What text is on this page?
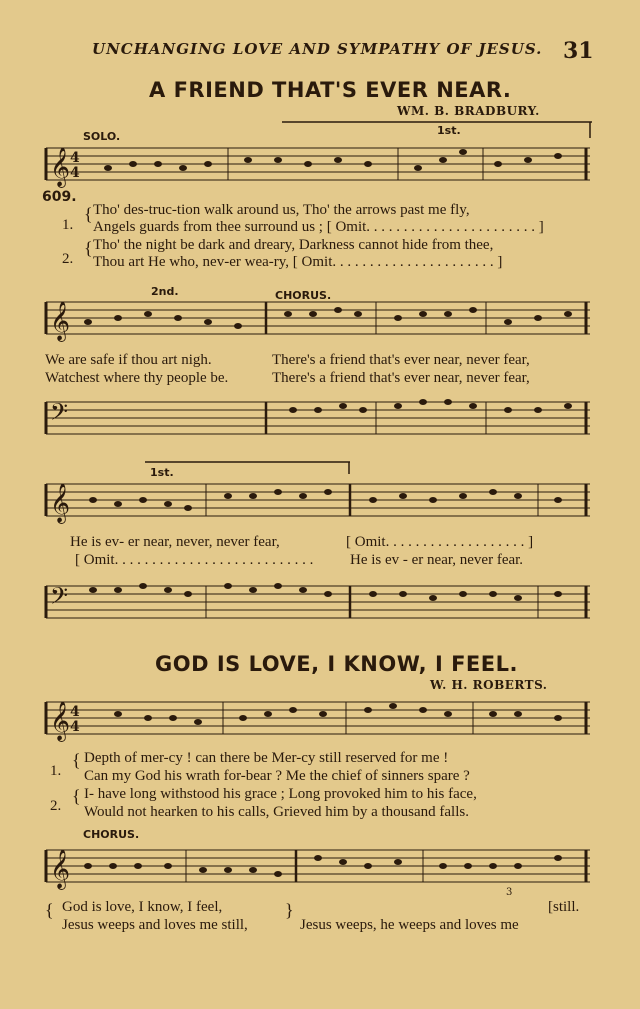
UNCHANGING LOVE AND SYMPATHY OF JESUS. 31
A FRIEND THAT'S EVER NEAR.
WM. B. BRADBURY.
SOLO.	1st.
𝄞 4
4
609.
1.
{ Tho' des-truc-tion walk around us, Tho' the arrows past me fly,
Angels guards from thee surround us ; [ Omit. . . . . . . . . . . . . . . . . . . . . . . ]
2.
{ Tho' the night be dark and dreary, Darkness cannot hide from thee,
Thou art He who, nev-er wea-ry, [ Omit. . . . . . . . . . . . . . . . . . . . . . ]
2nd.	CHORUS.
𝄞
We are safe if thou art nigh.
Watchest where thy people be.
There's a friend that's ever near, never fear,
There's a friend that's ever near, never fear,
𝄢
1st.
𝄞
He is ev- er near, never, never fear,
[ Omit. . . . . . . . . . . . . . . . . . . . . . . . . . .
[ Omit. . . . . . . . . . . . . . . . . . . ]
He is ev - er near, never fear.
𝄢
GOD IS LOVE, I KNOW, I FEEL.
W. H. ROBERTS.
𝄞 4
4
1.
{ Depth of mer-cy ! can there be Mer-cy still reserved for me !
Can my God his wrath for-bear ? Me the chief of sinners spare ?
2. { I- have long withstood his grace ; Long provoked him to his face,
Would not hearken to his calls, Grieved him by a thousand falls.
CHORUS.
𝄞
3
{ God is love, I know, I feel,
Jesus weeps and loves me still,
}
Jesus weeps, he weeps and loves me
[still.
